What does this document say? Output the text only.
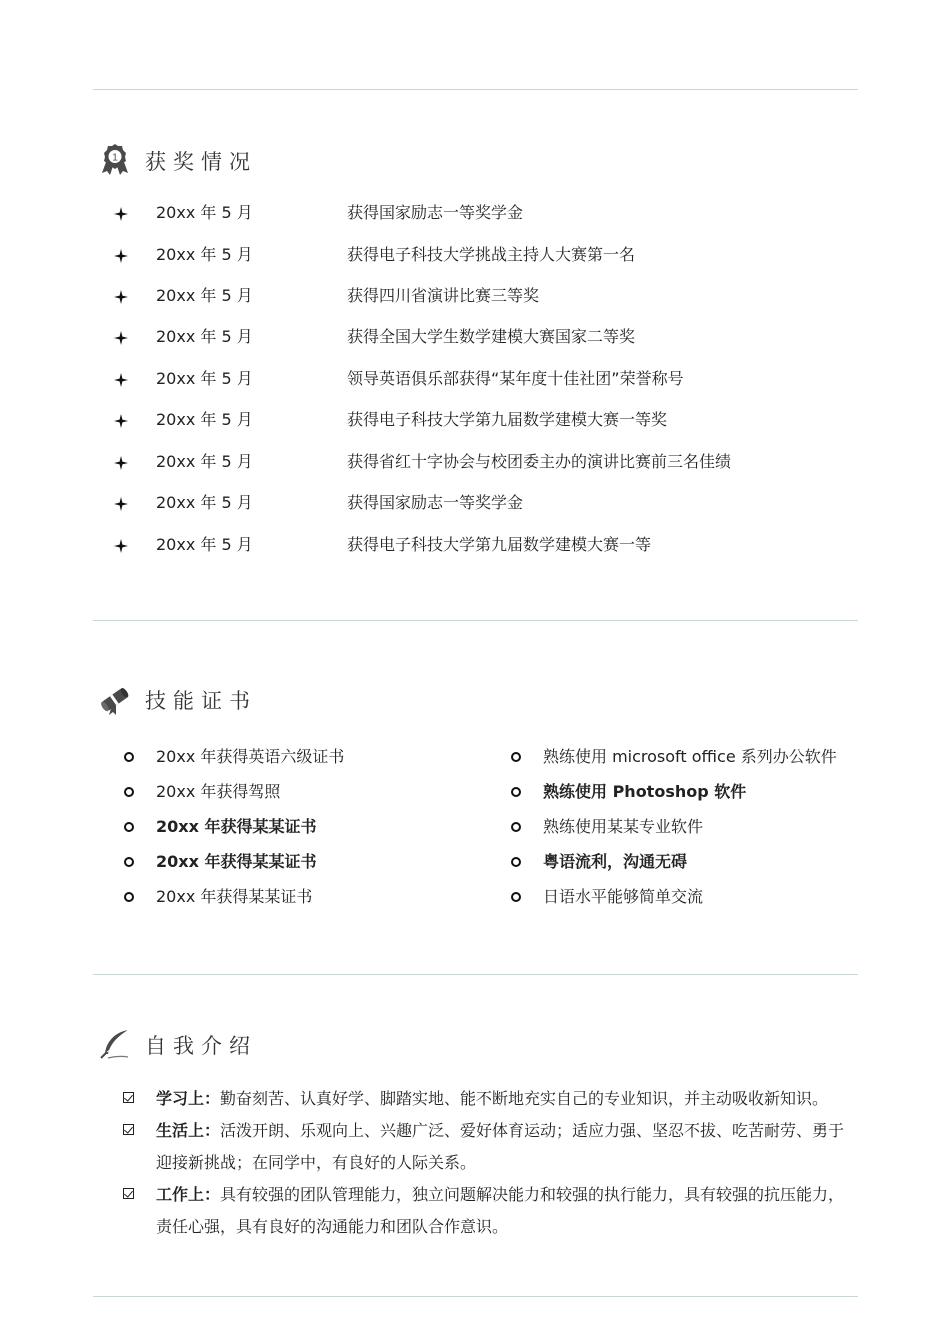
1 获奖情况
20xx 年 5 月	获得国家励志一等奖学金
20xx 年 5 月	获得电子科技大学挑战主持人大赛第一名
20xx 年 5 月	获得四川省演讲比赛三等奖
20xx 年 5 月	获得全国大学生数学建模大赛国家二等奖
20xx 年 5 月	领导英语俱乐部获得“某年度十佳社团”荣誉称号
20xx 年 5 月	获得电子科技大学第九届数学建模大赛一等奖
20xx 年 5 月	获得省红十字协会与校团委主办的演讲比赛前三名佳绩
20xx 年 5 月	获得国家励志一等奖学金
20xx 年 5 月	获得电子科技大学第九届数学建模大赛一等
技能证书
20xx 年获得英语六级证书
20xx 年获得驾照
20xx 年获得某某证书
20xx 年获得某某证书
20xx 年获得某某证书
熟练使用 microsoft office 系列办公软件
熟练使用 Photoshop 软件
熟练使用某某专业软件
粤语流利，沟通无碍
日语水平能够简单交流
自我介绍
学习上：勤奋刻苦、认真好学、脚踏实地、能不断地充实自己的专业知识，并主动吸收新知识。
生活上：活泼开朗、乐观向上、兴趣广泛、爱好体育运动；适应力强、坚忍不拔、吃苦耐劳、勇于迎接新挑战；在同学中，有良好的人际关系。
工作上：具有较强的团队管理能力，独立问题解决能力和较强的执行能力，具有较强的抗压能力，责任心强，具有良好的沟通能力和团队合作意识。
